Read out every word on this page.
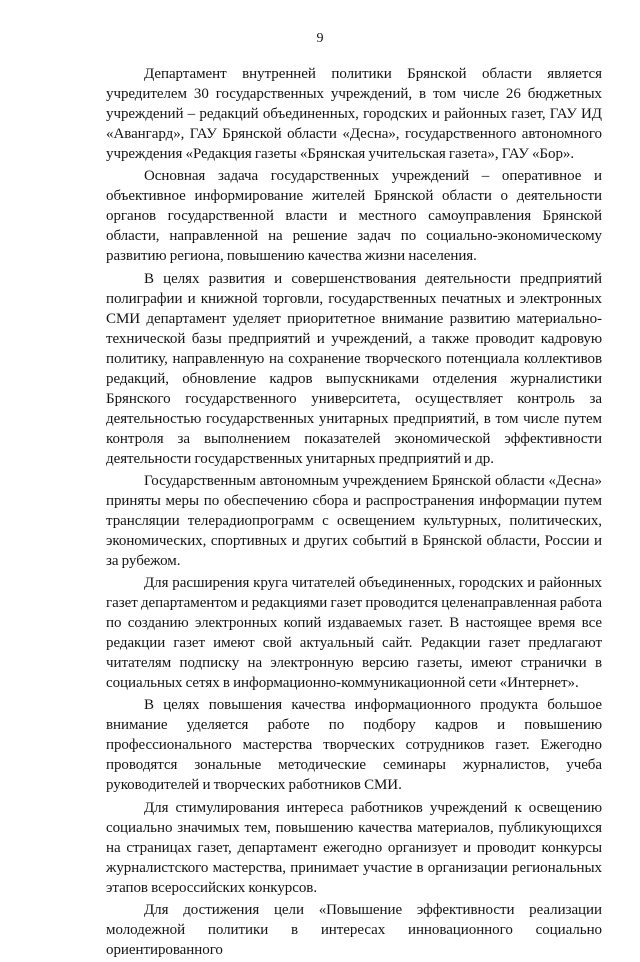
9

Департамент внутренней политики Брянской области является учредителем 30 государственных учреждений, в том числе 26 бюджетных учреждений – редакций объединенных, городских и районных газет, ГАУ ИД «Авангард», ГАУ Брянской области «Десна», государственного автономного учреждения «Редакция газеты «Брянская учительская газета», ГАУ «Бор».

Основная задача государственных учреждений – оперативное и объективное информирование жителей Брянской области о деятельности органов государственной власти и местного самоуправления Брянской области, направленной на решение задач по социально-экономическому развитию региона, повышению качества жизни населения.

В целях развития и совершенствования деятельности предприятий полиграфии и книжной торговли, государственных печатных и электронных СМИ департамент уделяет приоритетное внимание развитию материально-технической базы предприятий и учреждений, а также проводит кадровую политику, направленную на сохранение творческого потенциала коллективов редакций, обновление кадров выпускниками отделения журналистики Брянского государственного университета, осуществляет контроль за деятельностью государственных унитарных предприятий, в том числе путем контроля за выполнением показателей экономической эффективности деятельности государственных унитарных предприятий и др.

Государственным автономным учреждением Брянской области «Десна» приняты меры по обеспечению сбора и распространения информации путем трансляции телерадиопрограмм с освещением культурных, политических, экономических, спортивных и других событий в Брянской области, России и за рубежом.

Для расширения круга читателей объединенных, городских и районных газет департаментом и редакциями газет проводится целенаправленная работа по созданию электронных копий издаваемых газет. В настоящее время все редакции газет имеют свой актуальный сайт. Редакции газет предлагают читателям подписку на электронную версию газеты, имеют странички в социальных сетях в информационно-коммуникационной сети «Интернет».

В целях повышения качества информационного продукта большое внимание уделяется работе по подбору кадров и повышению профессионального мастерства творческих сотрудников газет. Ежегодно проводятся зональные методические семинары журналистов, учеба руководителей и творческих работников СМИ.

Для стимулирования интереса работников учреждений к освещению социально значимых тем, повышению качества материалов, публикующихся на страницах газет, департамент ежегодно организует и проводит конкурсы журналистского мастерства, принимает участие в организации региональных этапов всероссийских конкурсов.

Для достижения цели «Повышение эффективности реализации молодежной политики в интересах инновационного социально ориентированного
